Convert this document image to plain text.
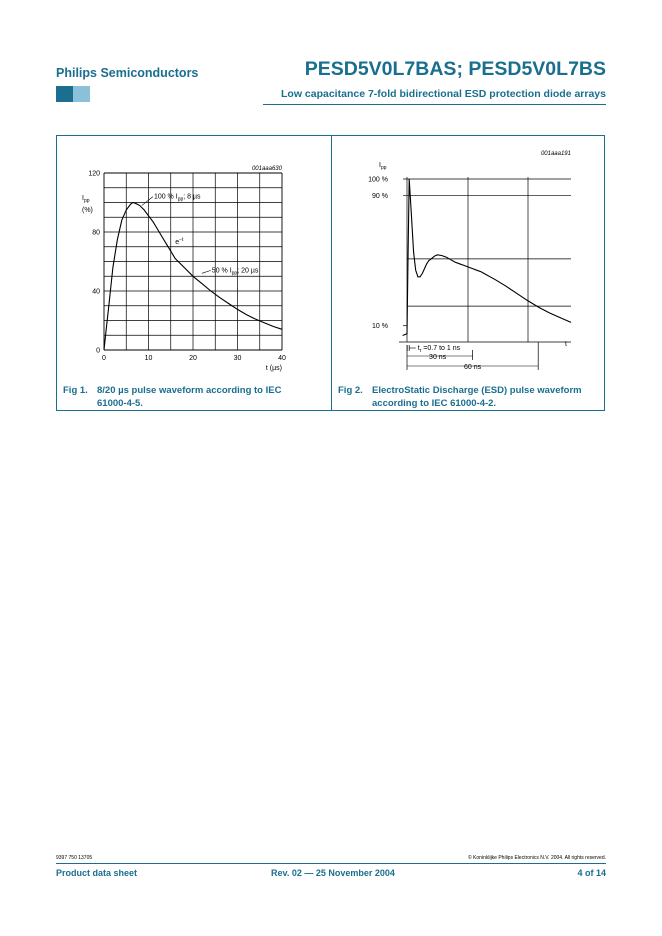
Philips Semiconductors	PESD5V0L7BAS; PESD5V0L7BS
Low capacitance 7-fold bidirectional ESD protection diode arrays
001aaa630
$I_{pp}$
(%)
0	10	20	30	40
0
40
80
120
t (µs)
100 % $I_{pp}$; 8 µs
$e^{-t}$
50 % $I_{pp}$; 20 µs
001aaa191
$I_{pp}$
10 %
90 %
100 %
t
$t_r =0.7$ to 1 ns
30 ns
60 ns
Fig 1. 8/20 µs pulse waveform according to IEC 61000-4-5.
Fig 2. ElectroStatic Discharge (ESD) pulse waveform according to IEC 61000-4-2.
9397 750 13705	© Koninklijke Philips Electronics N.V. 2004. All rights reserved.
Product data sheet	Rev. 02 — 25 November 2004	4 of 14
